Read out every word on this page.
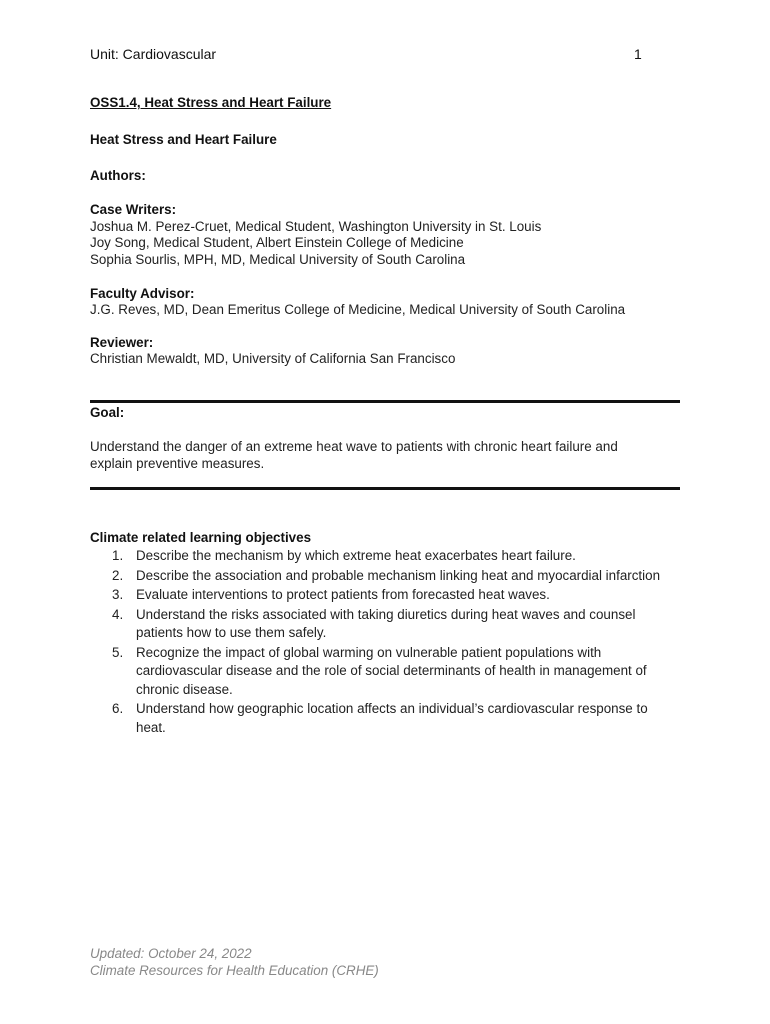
Unit: Cardiovascular	1
OSS1.4, Heat Stress and Heart Failure
Heat Stress and Heart Failure
Authors:
Case Writers:
Joshua M. Perez-Cruet, Medical Student, Washington University in St. Louis
Joy Song, Medical Student, Albert Einstein College of Medicine
Sophia Sourlis, MPH, MD, Medical University of South Carolina
Faculty Advisor:
J.G. Reves, MD, Dean Emeritus College of Medicine, Medical University of South Carolina
Reviewer:
Christian Mewaldt, MD, University of California San Francisco
Goal:
Understand the danger of an extreme heat wave to patients with chronic heart failure and
explain preventive measures.
Climate related learning objectives
1. Describe the mechanism by which extreme heat exacerbates heart failure.
2. Describe the association and probable mechanism linking heat and myocardial infarction
3. Evaluate interventions to protect patients from forecasted heat waves.
4. Understand the risks associated with taking diuretics during heat waves and counsel patients how to use them safely.
5. Recognize the impact of global warming on vulnerable patient populations with cardiovascular disease and the role of social determinants of health in management of chronic disease.
6. Understand how geographic location affects an individual’s cardiovascular response to heat.
Updated: October 24, 2022
Climate Resources for Health Education (CRHE)
